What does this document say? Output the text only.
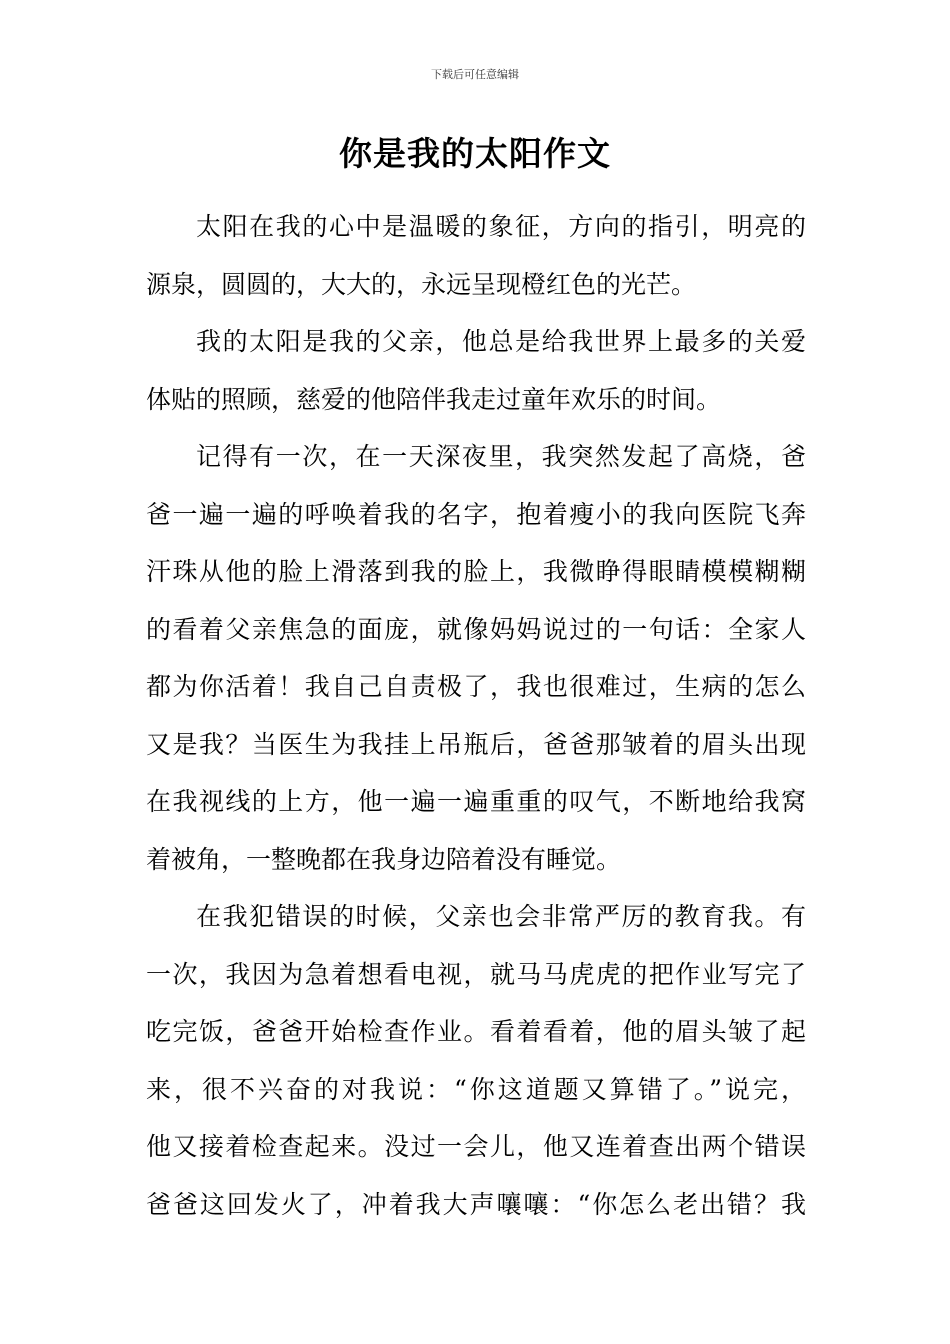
下载后可任意编辑
你是我的太阳作文
太阳在我的心中是温暖的象征，方向的指引，明亮的
源泉，圆圆的，大大的，永远呈现橙红色的光芒。
我的太阳是我的父亲，他总是给我世界上最多的关爱
体贴的照顾，慈爱的他陪伴我走过童年欢乐的时间。
记得有一次，在一天深夜里，我突然发起了高烧，爸
爸一遍一遍的呼唤着我的名字，抱着瘦小的我向医院飞奔
汗珠从他的脸上滑落到我的脸上，我微睁得眼睛模模糊糊
的看着父亲焦急的面庞，就像妈妈说过的一句话：全家人
都为你活着！我自己自责极了，我也很难过，生病的怎么
又是我？当医生为我挂上吊瓶后，爸爸那皱着的眉头出现
在我视线的上方，他一遍一遍重重的叹气，不断地给我窝
着被角，一整晚都在我身边陪着没有睡觉。
在我犯错误的时候，父亲也会非常严厉的教育我。有
一次，我因为急着想看电视，就马马虎虎的把作业写完了
吃完饭，爸爸开始检查作业。看着看着，他的眉头皱了起
来，很不兴奋的对我说：“你这道题又算错了。”说完，
他又接着检查起来。没过一会儿，他又连着查出两个错误
爸爸这回发火了，冲着我大声嚷嚷：“你怎么老出错？我
